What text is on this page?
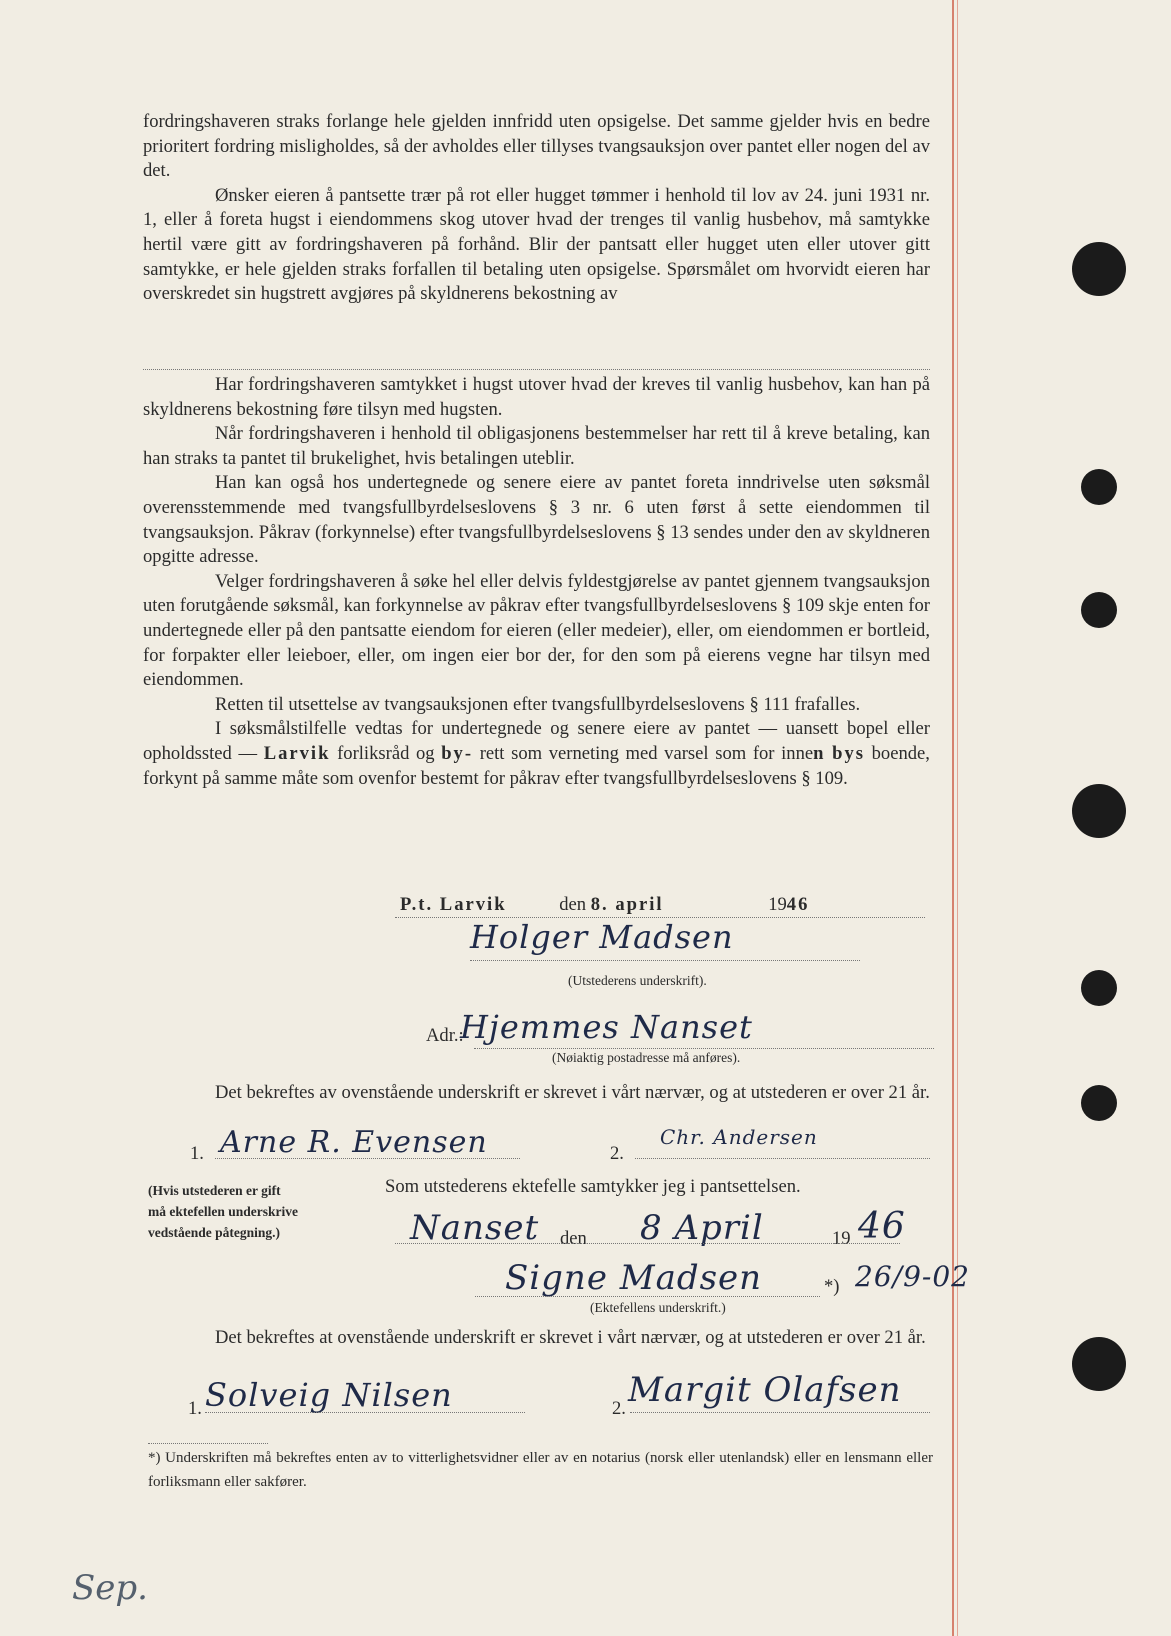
fordringshaveren straks forlange hele gjelden innfridd uten opsigelse. Det samme gjelder hvis en bedre prioritert fordring misligholdes, så der avholdes eller tillyses tvangsauksjon over pantet eller nogen del av det.

Ønsker eieren å pantsette trær på rot eller hugget tømmer i henhold til lov av 24. juni 1931 nr. 1, eller å foreta hugst i eiendommens skog utover hvad der trenges til vanlig husbehov, må samtykke hertil være gitt av fordringshaveren på forhånd. Blir der pantsatt eller hugget uten eller utover gitt samtykke, er hele gjelden straks forfallen til betaling uten opsigelse. Spørsmålet om hvorvidt eieren har overskredet sin hugstrett avgjøres på skyldnerens bekostning av

Har fordringshaveren samtykket i hugst utover hvad der kreves til vanlig husbehov, kan han på skyldnerens bekostning føre tilsyn med hugsten.

Når fordringshaveren i henhold til obligasjonens bestemmelser har rett til å kreve betaling, kan han straks ta pantet til brukelighet, hvis betalingen uteblir.

Han kan også hos undertegnede og senere eiere av pantet foreta inndrivelse uten søksmål overensstemmende med tvangsfullbyrdelseslovens § 3 nr. 6 uten først å sette eiendommen til tvangsauksjon. Påkrav (forkynnelse) efter tvangsfullbyrdelseslovens § 13 sendes under den av skyldneren opgitte adresse.

Velger fordringshaveren å søke hel eller delvis fyldestgjørelse av pantet gjennem tvangsauksjon uten forutgående søksmål, kan forkynnelse av påkrav efter tvangsfullbyrdelseslovens § 109 skje enten for undertegnede eller på den pantsatte eiendom for eieren (eller medeier), eller, om eiendommen er bortleid, for forpakter eller leieboer, eller, om ingen eier bor der, for den som på eierens vegne har tilsyn med eiendommen.

Retten til utsettelse av tvangsauksjonen efter tvangsfullbyrdelseslovens § 111 frafalles.

I søksmålstilfelle vedtas for undertegnede og senere eiere av pantet — uansett bopel eller opholdssted — Larvik forliksråd og by- rett som verneting med varsel som for innen bys boende, forkynt på samme måte som ovenfor bestemt for påkrav efter tvangsfullbyrdelseslovens § 109.

P.t. Larvik	den 8. april	1946
Holger Madsen
(Utstederens underskrift).
Adr.:
Hjemmes Nanset
(Nøiaktig postadresse må anføres).

Det bekreftes av ovenstående underskrift er skrevet i vårt nærvær, og at utstederen er over 21 år.

1. Arne R. Evensen	2.
Chr. Andersen
(Hvis utstederen er gift
må ektefellen underskrive
vedstående påtegning.)
Som utstederens ektefelle samtykker jeg i pantsettelsen.
Nanset den 8 April	19 46
Signe Madsen	*) 26/9-02
(Ektefellens underskrift.)

Det bekreftes at ovenstående underskrift er skrevet i vårt nærvær, og at utstederen er over 21 år.

1. Solveig Nilsen	2. Margit Olafsen

*) Underskriften må bekreftes enten av to vitterlighetsvidner eller av en notarius (norsk eller utenlandsk) eller en lensmann eller forliksmann eller sakfører.

Sep.
